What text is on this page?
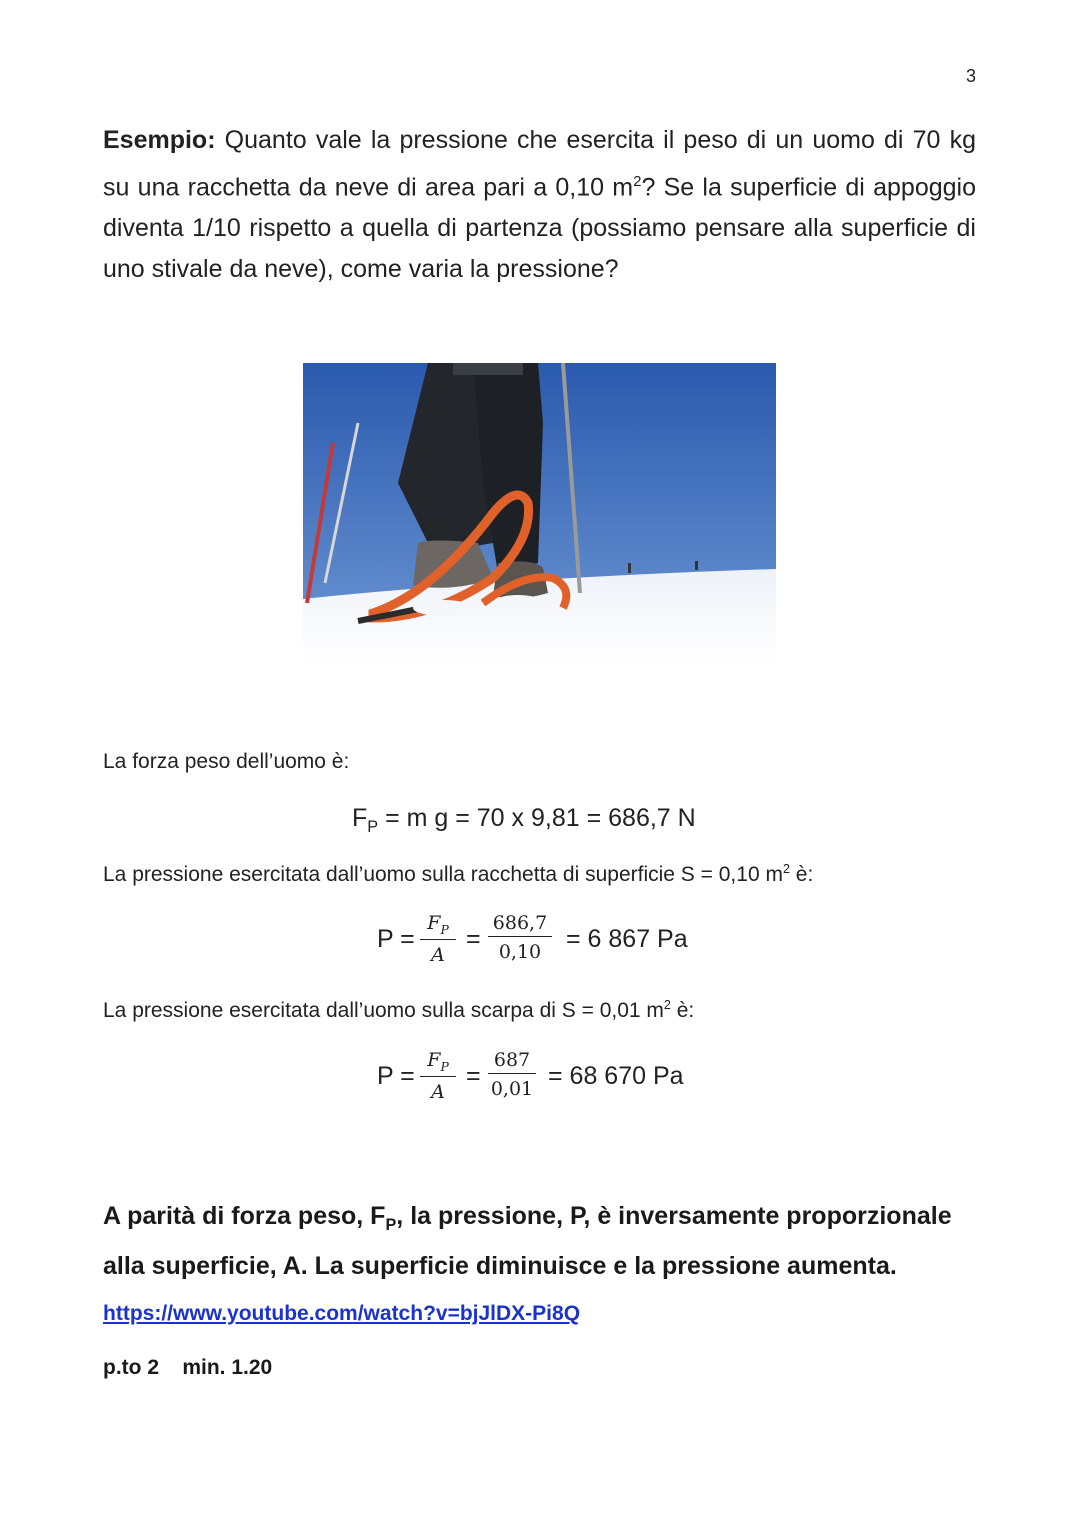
3
Esempio: Quanto vale la pressione che esercita il peso di un uomo di 70 kg su una racchetta da neve di area pari a 0,10 $m^2$? Se la superficie di appoggio diventa 1/10 rispetto a quella di partenza (possiamo pensare alla superficie di uno stivale da neve), come varia la pressione?
La forza peso dell’uomo è:
$F_P = m$ g = 70 x 9,81 = 686,7 N
La pressione esercitata dall’uomo sulla racchetta di superficie S = 0,10 $m^2$ è:
$P = \frac{F_P}{A} = \frac{686,7}{0,10} = 6$ 867 Pa
La pressione esercitata dall’uomo sulla scarpa di S = 0,01 $m^2$ è:
$P = \frac{F_P}{A} = \frac{687}{0,01} = 68$ 670 Pa
A parità di forza peso, $F_P$, la pressione, P, è inversamente proporzionale alla superficie, A. La superficie diminuisce e la pressione aumenta.
https://www.youtube.com/watch?v=bjJlDX-Pi8Q
p.to 2    min. 1.20
